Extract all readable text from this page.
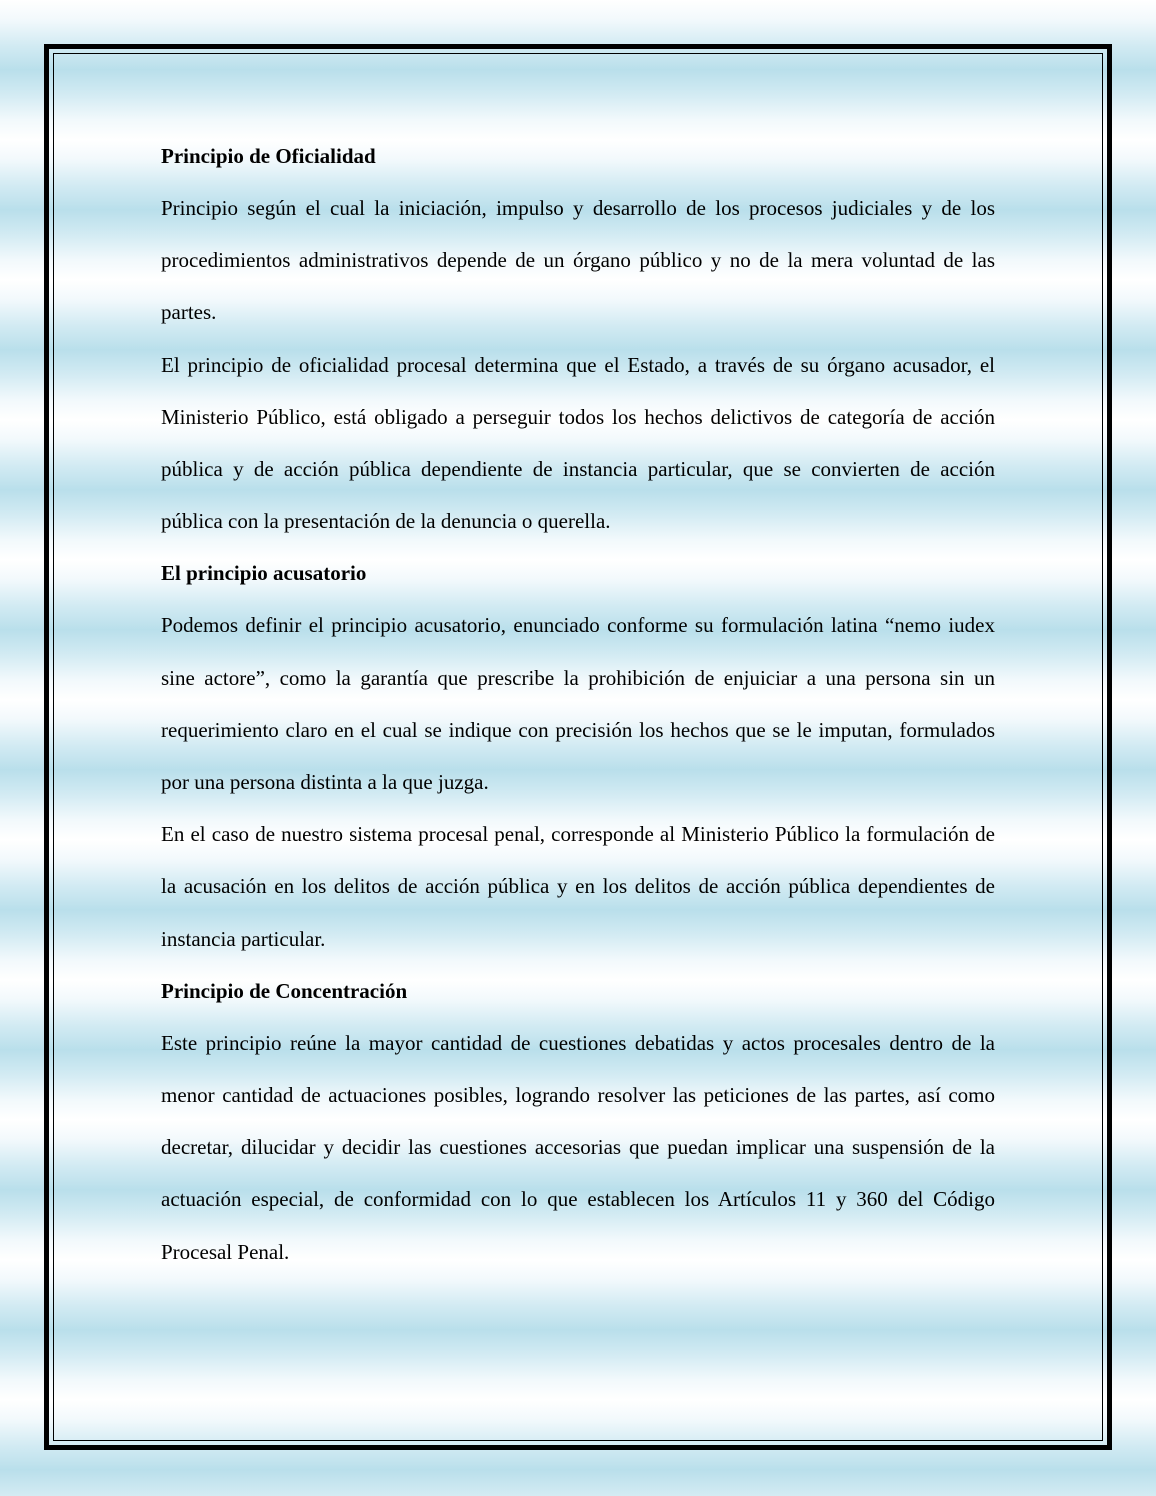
Principio de Oficialidad

Principio según el cual la iniciación, impulso y desarrollo de los procesos judiciales y de los procedimientos administrativos depende de un órgano público y no de la mera voluntad de las partes.

El principio de oficialidad procesal determina que el Estado, a través de su órgano acusador, el Ministerio Público, está obligado a perseguir todos los hechos delictivos de categoría de acción pública y de acción pública dependiente de instancia particular, que se convierten de acción pública con la presentación de la denuncia o querella.

El principio acusatorio

Podemos definir el principio acusatorio, enunciado conforme su formulación latina “nemo iudex sine actore”, como la garantía que prescribe la prohibición de enjuiciar a una persona sin un requerimiento claro en el cual se indique con precisión los hechos que se le imputan, formulados por una persona distinta a la que juzga.

En el caso de nuestro sistema procesal penal, corresponde al Ministerio Público la formulación de la acusación en los delitos de acción pública y en los delitos de acción pública dependientes de instancia particular.

Principio de Concentración

Este principio reúne la mayor cantidad de cuestiones debatidas y actos procesales dentro de la menor cantidad de actuaciones posibles, logrando resolver las peticiones de las partes, así como decretar, dilucidar y decidir las cuestiones accesorias que puedan implicar una suspensión de la actuación especial, de conformidad con lo que establecen los Artículos 11 y 360 del Código Procesal Penal.
